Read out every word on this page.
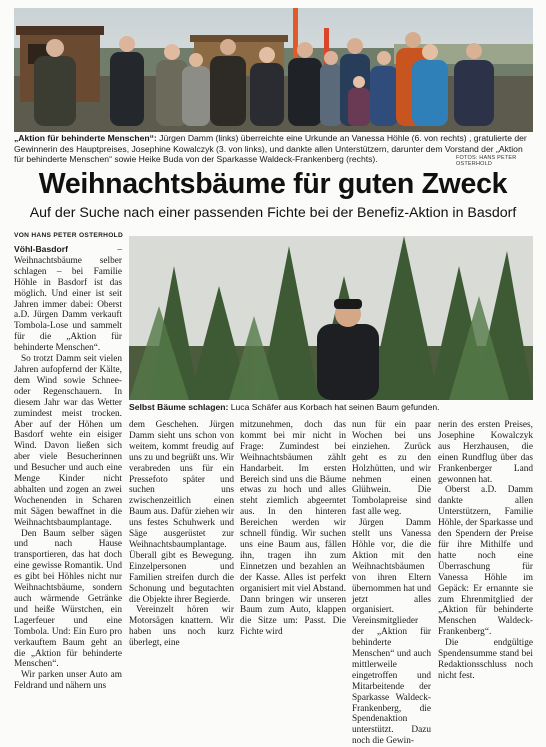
„Aktion für behinderte Menschen“: Jürgen Damm (links) überreichte eine Urkunde an Vanessa Höhle (6. von rechts) , gratulierte der Gewinnerin des Hauptpreises, Josephine Kowalczyk (3. von links), und dankte allen Unterstützern, darunter dem Vorstand der „Aktion für behinderte Menschen“ sowie Heike Buda von der Sparkasse Waldeck-Frankenberg (rechts).	FOTOS: HANS PETER OSTERHOLD
Weihnachtsbäume für guten Zweck
Auf der Suche nach einer passenden Fichte bei der Benefiz-Aktion in Basdorf
VON HANS PETER OSTERHOLD
Selbst Bäume schlagen: Luca Schäfer aus Korbach hat seinen Baum gefunden.

Vöhl-Basdorf – Weihnachtsbäume selber schlagen – bei Familie Höhle in Basdorf ist das möglich. Und einer ist seit Jahren immer dabei: Oberst a.D. Jürgen Damm verkauft Tombola-Lose und sammelt für die „Aktion für behinderte Menschen“.

So trotzt Damm seit vielen Jahren aufopfernd der Kälte, dem Wind sowie Schnee-oder Regenschauern. In diesem Jahr war das Wetter zumindest meist trocken. Aber auf der Höhen um Basdorf wehte ein eisiger Wind. Davon ließen sich aber viele Besucherinnen und Besucher und auch eine Menge Kinder nicht abhalten und zogen an zwei Wochenenden in Scharen mit Sägen bewaffnet in die Weihnachtsbaumplantage.

Den Baum selber sägen und nach Hause transportieren, das hat doch eine gewisse Romantik. Und es gibt bei Höhles nicht nur Weihnachtsbäume, sondern auch wärmende Getränke und heiße Würstchen, ein Lagerfeuer und eine Tombola. Und: Ein Euro pro verkauftem Baum geht an die „Aktion für behinderte Menschen“.

Wir parken unser Auto am Feldrand und nähern uns

dem Geschehen. Jürgen Damm sieht uns schon von weitem, kommt freudig auf uns zu und begrüßt uns. Wir verabreden uns für ein Pressefoto später und suchen uns zwischenzeitlich einen Baum aus. Dafür ziehen wir uns festes Schuhwerk und Säge ausgerüstet zur Weihnachtsbaumplantage. Überall gibt es Bewegung. Einzelpersonen und Familien streifen durch die Schonung und begutachten die Objekte ihrer Begierde.

Vereinzelt hören wir Motorsägen knattern. Wir haben uns noch kurz überlegt, eine

mitzunehmen, doch das kommt bei mir nicht in Frage: Zumindest bei Weihnachtsbäumen zählt Handarbeit. Im ersten Bereich sind uns die Bäume etwas zu hoch und alles steht ziemlich abgeerntet aus. In den hinteren Bereichen werden wir schnell fündig. Wir suchen uns eine Baum aus, fällen ihn, tragen ihn zum Einnetzen und bezahlen an der Kasse. Alles ist perfekt organisiert mit viel Abstand. Dann bringen wir unseren Baum zum Auto, klappen die Sitze um: Passt. Die Fichte wird

nun für ein paar Wochen bei uns einziehen. Zurück geht es zu den Holzhütten, und wir nehmen einen Glühwein. Die Tombolapreise sind fast alle weg.

Jürgen Damm stellt uns Vanessa Höhle vor, die die Aktion mit den Weihnachtsbäumen von ihren Eltern übernommen hat und jetzt alles organisiert. Vereinsmitglieder der „Aktion für behinderte Menschen“ und auch mittlerweile eingetroffen und Mitarbeitende der Sparkasse Waldeck-Frankenberg, die Spendenaktion unterstützt. Dazu noch die Gewin-

nerin des ersten Preises, Josephine Kowalczyk aus Herzhausen, die einen Rundflug über das Frankenberger Land gewonnen hat.

Oberst a.D. Damm dankte allen Unterstützern, Familie Höhle, der Sparkasse und den Spendern der Preise für ihre Mithilfe und hatte noch eine Überraschung für Vanessa Höhle im Gepäck: Er ernannte sie zum Ehrenmitglied der „Aktion für behinderte Menschen Waldeck-Frankenberg“.

Die endgültige Spendensumme stand bei Redaktionsschluss noch nicht fest.
